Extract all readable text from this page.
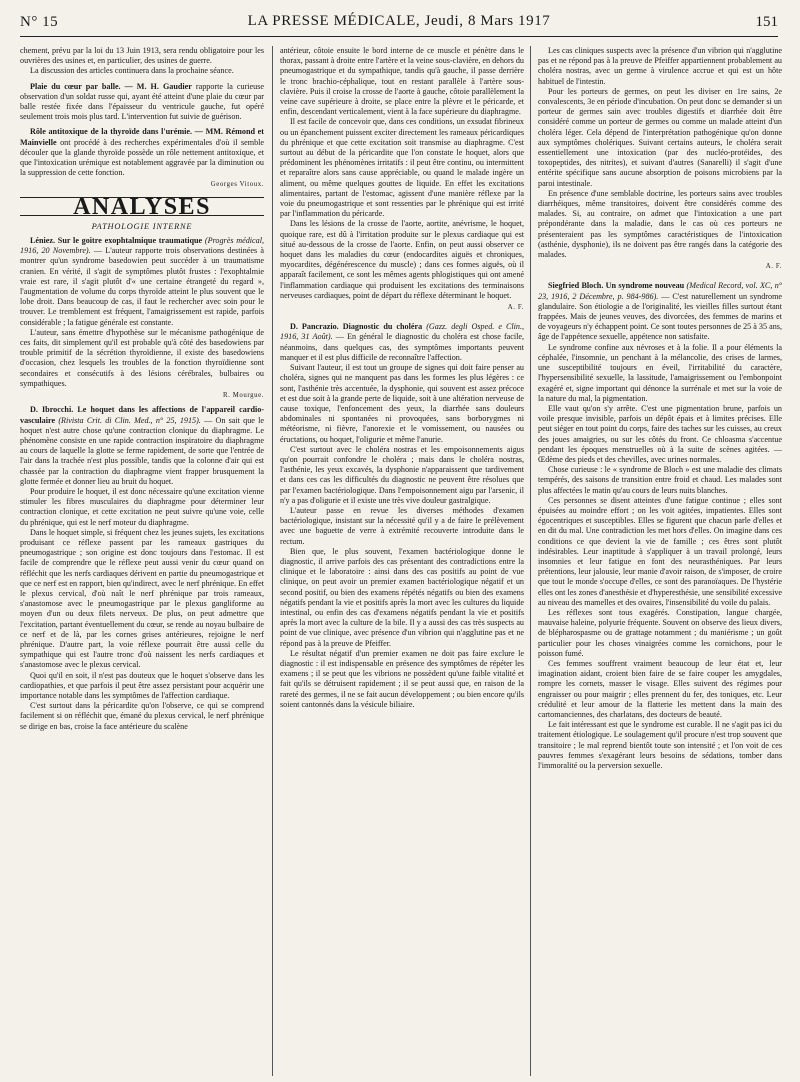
N° 15	LA PRESSE MÉDICALE, Jeudi, 8 Mars 1917	151

chement, prévu par la loi du 13 Juin 1913, sera rendu obligatoire pour les ouvrières des usines et, en particulier, des usines de guerre.

La discussion des articles continuera dans la prochaine séance.

Plaie du cœur par balle. — M. H. Gaudier rapporte la curieuse observation d'un soldat russe qui, ayant été atteint d'une plaie du cœur par balle restée fixée dans l'épaisseur du ventricule gauche, fut opéré seulement trois mois plus tard. L'intervention fut suivie de guérison.

Rôle antitoxique de la thyroïde dans l'urémie. — MM. Rémond et Mainvielle ont procédé à des recherches expérimentales d'où il semble découler que la glande thyroïde possède un rôle nettement antitoxique, et que l'intoxication urémique est notablement aggravée par la diminution ou la suppression de cette fonction.

Georges Vitoux.
ANALYSES
PATHOLOGIE INTERNE

Léniez. Sur le goitre exophtalmique traumatique (Progrès médical, 1916, 20 Novembre). — L'auteur rapporte trois observations destinées à montrer qu'un syndrome basedowien peut succéder à un traumatisme cranien. En vérité, il s'agit de symptômes plutôt frustes : l'exophtalmie vraie est rare, il s'agit plutôt d'« une certaine étrangeté du regard », l'augmentation de volume du corps thyroïde atteint le plus souvent que le lobe droit. Dans beaucoup de cas, il faut le rechercher avec soin pour le trouver. Le tremblement est fréquent, l'amaigrissement est rapide, parfois considérable ; la fatigue générale est constante.

L'auteur, sans émettre d'hypothèse sur le mécanisme pathogénique de ces faits, dit simplement qu'il est probable qu'à côté des basedowiens par trouble primitif de la sécrétion thyroïdienne, il existe des basedowiens d'occasion, chez lesquels les troubles de la fonction thyroïdienne sont secondaires et consécutifs à des lésions cérébrales, bulbaires ou sympathiques.

R. Mourgue.

D. Ibrocchi. Le hoquet dans les affections de l'appareil cardio-vasculaire (Rivista Crit. di Clin. Med., n° 25, 1915). — On sait que le hoquet n'est autre chose qu'une contraction clonique du diaphragme. Le phénomène consiste en une rapide contraction inspiratoire du diaphragme au cours de laquelle la glotte se ferme rapidement, de sorte que l'entrée de l'air dans la trachée n'est plus possible, tandis que la colonne d'air qui est chassée par la contraction du diaphragme vient frapper brusquement la glotte fermée et donner lieu au bruit du hoquet.

Pour produire le hoquet, il est donc nécessaire qu'une excitation vienne stimuler les fibres musculaires du diaphragme pour déterminer leur contraction clonique, et cette excitation ne peut suivre qu'une voie, celle du phrénique, qui est le nerf moteur du diaphragme.

Dans le hoquet simple, si fréquent chez les jeunes sujets, les excitations produisant ce réflexe passent par les rameaux gastriques du pneumogastrique ; son origine est donc toujours dans l'estomac. Il est facile de comprendre que le réflexe peut aussi venir du cœur quand on réfléchit que les nerfs cardiaques dérivent en partie du pneumogastrique et que ce nerf est en rapport, bien qu'indirect, avec le nerf phrénique. En effet le plexus cervical, d'où naît le nerf phrénique par trois rameaux, s'anastomose avec le pneumogastrique par le plexus gangliforme au moyen d'un ou deux filets nerveux. De plus, on peut admettre que l'excitation, partant éventuellement du cœur, se rende au noyau bulbaire de ce nerf et de là, par les cornes grises antérieures, rejoigne le nerf phrénique. D'autre part, la voie réflexe pourrait être aussi celle du sympathique qui est l'autre tronc d'où naissent les nerfs cardiaques et s'anastomose avec le plexus cervical.

Quoi qu'il en soit, il n'est pas douteux que le hoquet s'observe dans les cardiopathies, et que parfois il peut être assez persistant pour acquérir une importance notable dans les symptômes de l'affection cardiaque.

C'est surtout dans la péricardite qu'on l'observe, ce qui se comprend facilement si on réfléchit que, émané du plexus cervical, le nerf phrénique se dirige en bas, croise la face antérieure du scalène

antérieur, côtoie ensuite le bord interne de ce muscle et pénètre dans le thorax, passant à droite entre l'artère et la veine sous-clavière, en dehors du pneumogastrique et du sympathique, tandis qu'à gauche, il passe derrière le tronc brachio-céphalique, tout en restant parallèle à l'artère sous-clavière. Puis il croise la crosse de l'aorte à gauche, côtoie parallèlement la veine cave supérieure à droite, se place entre la plèvre et le péricarde, et enfin, descendant verticalement, vient à la face supérieure du diaphragme.

Il est facile de concevoir que, dans ces conditions, un exsudat fibrineux ou un épanchement puissent exciter directement les rameaux péricardiques du phrénique et que cette excitation soit transmise au diaphragme. C'est surtout au début de la péricardite que l'on constate le hoquet, alors que prédominent les phénomènes irritatifs : il peut être continu, ou intermittent et reparaître alors sans cause appréciable, ou quand le malade ingère un aliment, ou même quelques gouttes de liquide. En effet les excitations alimentaires, partant de l'estomac, agissent d'une manière réflexe par la voie du pneumogastrique et sont ressenties par le phrénique qui est irrité par l'inflammation du péricarde.

Dans les lésions de la crosse de l'aorte, aortite, anévrisme, le hoquet, quoique rare, est dû à l'irritation produite sur le plexus cardiaque qui est situé au-dessous de la crosse de l'aorte. Enfin, on peut aussi observer ce hoquet dans les maladies du cœur (endocardites aiguës et chroniques, myocardites, dégénérescence du muscle) ; dans ces formes aiguës, où il apparaît facilement, ce sont les mêmes agents phlogistiques qui ont amené l'inflammation cardiaque qui produisent les excitations des terminaisons nerveuses cardiaques, point de départ du réflexe déterminant le hoquet.

A. F.

D. Pancrazio. Diagnostic du choléra (Gazz. degli Osped. e Clin., 1916, 31 Août). — En général le diagnostic du choléra est chose facile, néanmoins, dans quelques cas, des symptômes importants peuvent manquer et il est plus difficile de reconnaître l'affection.

Suivant l'auteur, il est tout un groupe de signes qui doit faire penser au choléra, signes qui ne manquent pas dans les formes les plus légères : ce sont, l'asthénie très accentuée, la dysphonie, qui souvent est assez précoce et est due soit à la grande perte de liquide, soit à une altération nerveuse de cause toxique, l'enfoncement des yeux, la diarrhée sans douleurs abdominales ni spontanées ni provoquées, sans borborygmes ni météorisme, ni fièvre, l'anorexie et le vomissement, ou nausées ou éructations, ou hoquet, l'oligurie et même l'anurie.

C'est surtout avec le choléra nostras et les empoisonnements aigus qu'on pourrait confondre le choléra ; mais dans le choléra nostras, l'asthénie, les yeux excavés, la dysphonie n'apparaissent que tardivement et dans ces cas les difficultés du diagnostic ne peuvent être résolues que par l'examen bactériologique. Dans l'empoisonnement aigu par l'arsenic, il n'y a pas d'oligurie et il existe une très vive douleur gastralgique.

L'auteur passe en revue les diverses méthodes d'examen bactériologique, insistant sur la nécessité qu'il y a de faire le prélèvement avec une baguette de verre à extrémité recouverte introduite dans le rectum.

Bien que, le plus souvent, l'examen bactériologique donne le diagnostic, il arrive parfois des cas présentant des contradictions entre la clinique et le laboratoire : ainsi dans des cas positifs au point de vue clinique, on peut avoir un premier examen bactériologique négatif et un second positif, ou bien des examens répétés négatifs ou bien des examens négatifs pendant la vie et positifs après la mort avec les cultures du liquide intestinal, ou enfin des cas d'examens négatifs pendant la vie et positifs après la mort avec la culture de la bile. Il y a aussi des cas très suspects au point de vue clinique, avec présence d'un vibrion qui n'agglutine pas et ne répond pas à la preuve de Pfeiffer.

Le résultat négatif d'un premier examen ne doit pas faire exclure le diagnostic : il est indispensable en présence des symptômes de répéter les examens ; il se peut que les vibrions ne possèdent qu'une faible vitalité et fait qu'ils se détruisent rapidement ; il se peut aussi que, en raison de la rareté des germes, il ne se fait aucun développement ; ou bien encore qu'ils soient cantonnés dans la vésicule biliaire.

Les cas cliniques suspects avec la présence d'un vibrion qui n'agglutine pas et ne répond pas à la preuve de Pfeiffer appartiennent probablement au choléra nostras, avec un germe à virulence accrue et qui est un hôte habituel de l'intestin.

Pour les porteurs de germes, on peut les diviser en 1re sains, 2e convalescents, 3e en période d'incubation. On peut donc se demander si un porteur de germes sain avec troubles digestifs et diarrhée doit être considéré comme un porteur de germes ou comme un malade atteint d'un choléra léger. Cela dépend de l'interprétation pathogénique qu'on donne aux symptômes cholériques. Suivant certains auteurs, le choléra serait essentiellement une intoxication (par des nucléo-protéides, des toxopeptides, des nitrites), et suivant d'autres (Sanarelli) il s'agit d'une entérite spécifique sans aucune absorption de poisons microbiens par la paroi intestinale.

En présence d'une semblable doctrine, les porteurs sains avec troubles diarrhéiques, même transitoires, doivent être considérés comme des malades. Si, au contraire, on admet que l'intoxication a une part prépondérante dans la maladie, dans le cas où ces porteurs ne présenteraient pas les symptômes caractéristiques de l'intoxication (asthénie, dysphonie), ils ne doivent pas être rangés dans la catégorie des malades.

A. F.

Siegfried Bloch. Un syndrome nouveau (Medical Record, vol. XC, n° 23, 1916, 2 Décembre, p. 984-986). — C'est naturellement un syndrome glandulaire. Son étiologie a de l'originalité, les vieilles filles surtout étant frappées. Mais de jeunes veuves, des divorcées, des femmes de marins et de voyageurs n'y échappent point. Ce sont toutes personnes de 25 à 35 ans, âge de l'appétence sexuelle, appétence non satisfaite.

Le syndrome confine aux névroses et à la folie. Il a pour éléments la céphalée, l'insomnie, un penchant à la mélancolie, des crises de larmes, une susceptibilité toujours en éveil, l'irritabilité du caractère, l'hypersensibilité sexuelle, la lassitude, l'amaigrissement ou l'embonpoint exagéré et, signe important qui dénonce la surrénale et met sur la voie de la nature du mal, la pigmentation.

Elle vaut qu'on s'y arrête. C'est une pigmentation brune, parfois un voile presque invisible, parfois un dépôt épais et à limites précises. Elle peut siéger en tout point du corps, faire des taches sur les cuisses, au creux des joues amaigries, ou sur les côtés du front. Ce chloasma s'accentue pendant les époques menstruelles où à la suite de scènes agitées. — Œdème des pieds et des chevilles, avec urines normales.

Chose curieuse : le « syndrome de Bloch » est une maladie des climats tempérés, des saisons de transition entre froid et chaud. Les malades sont plus affectées le matin qu'au cours de leurs nuits blanches.

Ces personnes se disent atteintes d'une fatigue continue ; elles sont épuisées au moindre effort ; on les voit agitées, impatientes. Elles sont égocentriques et susceptibles. Elles se figurent que chacun parle d'elles et en dit du mal. Une contradiction les met hors d'elles. On imagine dans ces conditions ce que devient la vie de famille ; ces êtres sont plutôt indésirables. Leur inaptitude à s'appliquer à un travail prolongé, leurs insomnies et leur fatigue en font des neurasthéniques. Par leurs prétentions, leur jalousie, leur manie d'avoir raison, de s'imposer, de croire que tout le monde s'occupe d'elles, ce sont des paranoïaques. De l'hystérie elles ont les zones d'anesthésie et d'hyperesthésie, une sensibilité excessive au niveau des mamelles et des ovaires, l'insensibilité du voile du palais.

Les réflexes sont tous exagérés. Constipation, langue chargée, mauvaise haleine, polyurie fréquente. Souvent on observe des lieux divers, de blépharospasme ou de grattage notamment ; du maniérisme ; un goût particulier pour les choses vinaigrées comme les cornichons, pour le poisson fumé.

Ces femmes souffrent vraiment beaucoup de leur état et, leur imagination aidant, croient bien faire de se faire couper les amygdales, rompre les cornets, masser le visage. Elles suivent des régimes pour engraisser ou pour maigrir ; elles prennent du fer, des toniques, etc. Leur crédulité et leur amour de la flatterie les mettent dans la main des cartomanciennes, des charlatans, des docteurs de beauté.

Le fait intéressant est que le syndrome est curable. Il ne s'agit pas ici du traitement étiologique. Le soulagement qu'il procure n'est trop souvent que transitoire ; le mal reprend bientôt toute son intensité ; et l'on voit de ces pauvres femmes s'exagérant leurs besoins de sédations, tomber dans l'immoralité ou la perversion sexuelle.
